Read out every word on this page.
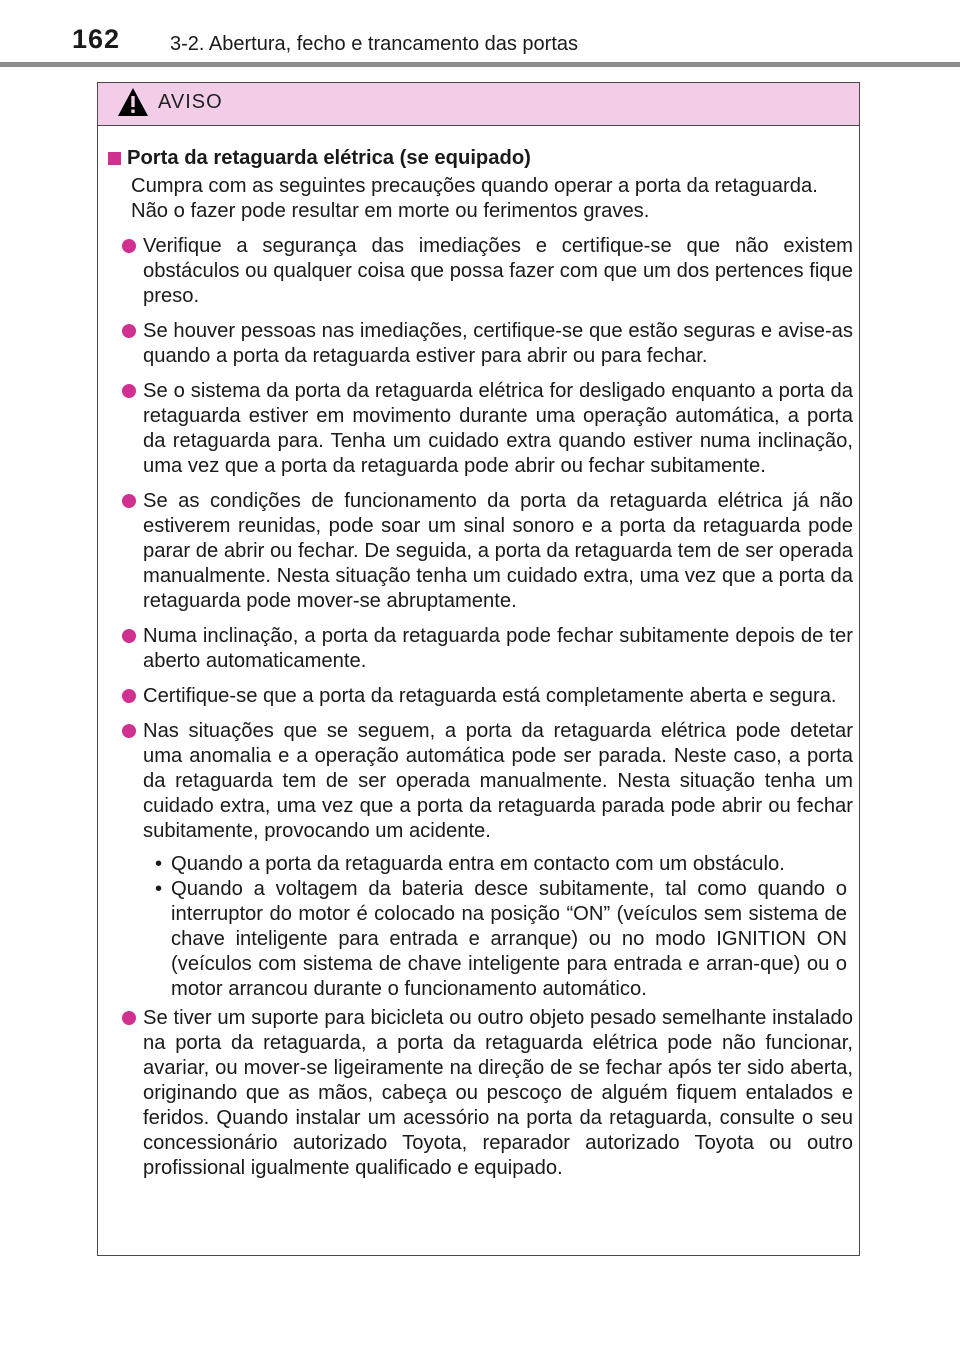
162 3-2. Abertura, fecho e trancamento das portas
AVISO
Porta da retaguarda elétrica (se equipado)

Cumpra com as seguintes precauções quando operar a porta da retaguarda.

Não o fazer pode resultar em morte ou ferimentos graves.

Verifique a segurança das imediações e certifique-se que não existem obstáculos ou qualquer coisa que possa fazer com que um dos pertences fique preso.
Se houver pessoas nas imediações, certifique-se que estão seguras e avise-as quando a porta da retaguarda estiver para abrir ou para fechar.
Se o sistema da porta da retaguarda elétrica for desligado enquanto a porta da retaguarda estiver em movimento durante uma operação automática, a porta da retaguarda para. Tenha um cuidado extra quando estiver numa inclinação, uma vez que a porta da retaguarda pode abrir ou fechar subitamente.
Se as condições de funcionamento da porta da retaguarda elétrica já não estiverem reunidas, pode soar um sinal sonoro e a porta da retaguarda pode parar de abrir ou fechar. De seguida, a porta da retaguarda tem de ser operada manualmente. Nesta situação tenha um cuidado extra, uma vez que a porta da retaguarda pode mover-se abruptamente.
Numa inclinação, a porta da retaguarda pode fechar subitamente depois de ter aberto automaticamente.
Certifique-se que a porta da retaguarda está completamente aberta e segura.
Nas situações que se seguem, a porta da retaguarda elétrica pode detetar uma anomalia e a operação automática pode ser parada. Neste caso, a porta da retaguarda tem de ser operada manualmente. Nesta situação tenha um cuidado extra, uma vez que a porta da retaguarda parada pode abrir ou fechar subitamente, provocando um acidente.
• Quando a porta da retaguarda entra em contacto com um obstáculo.
• Quando a voltagem da bateria desce subitamente, tal como quando o interruptor do motor é colocado na posição “ON” (veículos sem sistema de chave inteligente para entrada e arranque) ou no modo IGNITION ON (veículos com sistema de chave inteligente para entrada e arran-que) ou o motor arrancou durante o funcionamento automático.
Se tiver um suporte para bicicleta ou outro objeto pesado semelhante instalado na porta da retaguarda, a porta da retaguarda elétrica pode não funcionar, avariar, ou mover-se ligeiramente na direção de se fechar após ter sido aberta, originando que as mãos, cabeça ou pescoço de alguém fiquem entalados e feridos. Quando instalar um acessório na porta da retaguarda, consulte o seu concessionário autorizado Toyota, reparador autorizado Toyota ou outro profissional igualmente qualificado e equipado.
